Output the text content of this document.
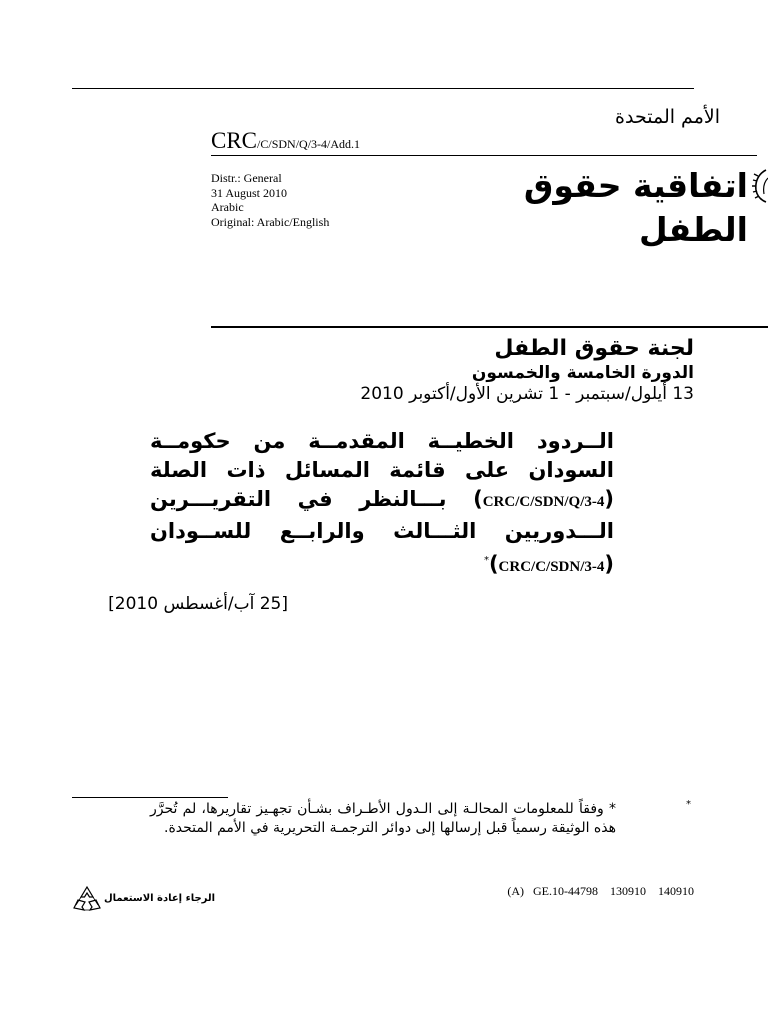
الأمم المتحدة
اتفاقية حقوق الطفل
CRC/C/SDN/Q/3-4/Add.1
Distr.: General
31 August 2010
Arabic
Original: Arabic/English
لجنة حقوق الطفل
الدورة الخامسة والخمسون
13 أيلول/سبتمبر - 1 تشرين الأول/أكتوبر 2010
الــردود الخطيــة المقدمــة من حكومــة السودان على قائمة المسائل ذات الصلة (CRC/C/SDN/Q/3-4) بـــالنظر في التقريـــرين الـــدوريين الثـــالث والرابــع للســودان (CRC/C/SDN/3-4)*
[25 آب/أغسطس 2010]
*
* وفقاً للمعلومات المحالـة إلى الـدول الأطـراف بشـأن تجهـيز تقاريرها، لم تُحرَّر هذه الوثيقة رسمياً قبل إرسالها إلى دوائر الترجمـة التحريرية في الأمم المتحدة.
(A)   GE.10-44798    130910    140910
الرجاء إعادة الاستعمال
